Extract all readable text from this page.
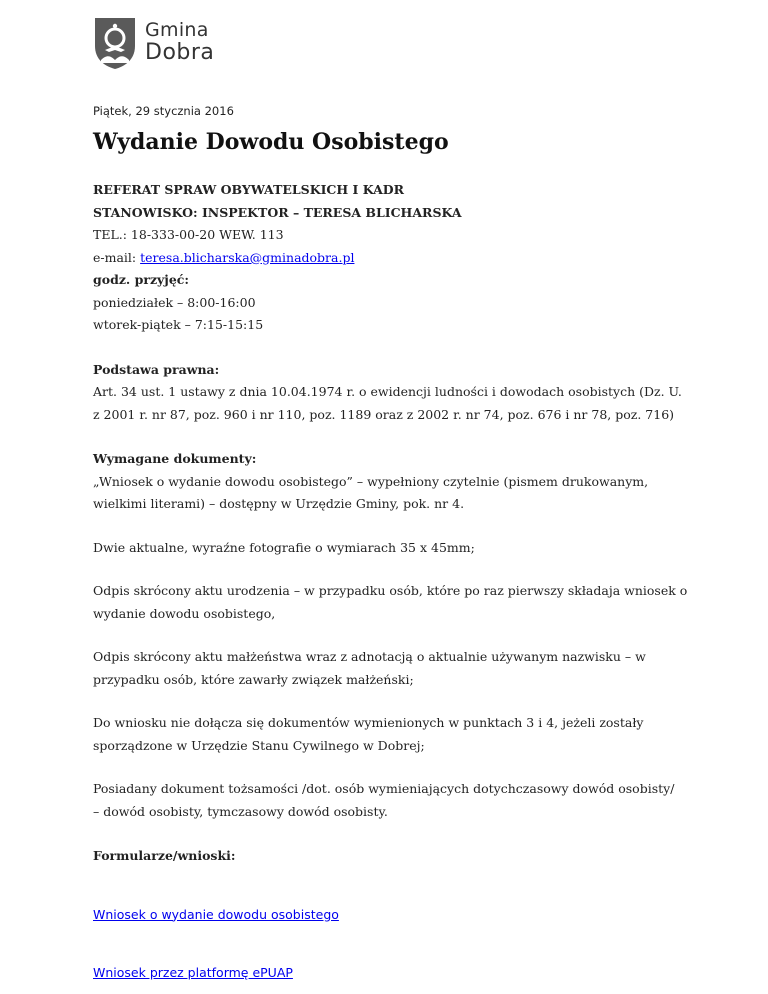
Gmina
Dobra
Piątek, 29 stycznia 2016
Wydanie Dowodu Osobistego

REFERAT SPRAW OBYWATELSKICH I KADR

STANOWISKO: INSPEKTOR – TERESA BLICHARSKA

TEL.: 18-333-00-20 WEW. 113

e-mail: teresa.blicharska@gminadobra.pl

godz. przyjęć:

poniedziałek – 8:00-16:00

wtorek-piątek – 7:15-15:15

Podstawa prawna:

Art. 34 ust. 1 ustawy z dnia 10.04.1974 r. o ewidencji ludności i dowodach osobistych (Dz. U.

z 2001 r. nr 87, poz. 960 i nr 110, poz. 1189 oraz z 2002 r. nr 74, poz. 676 i nr 78, poz. 716)

Wymagane dokumenty:

„Wniosek o wydanie dowodu osobistego” – wypełniony czytelnie (pismem drukowanym,

wielkimi literami) – dostępny w Urzędzie Gminy, pok. nr 4.

Dwie aktualne, wyraźne fotografie o wymiarach 35 x 45mm;

Odpis skrócony aktu urodzenia – w przypadku osób, które po raz pierwszy składaja wniosek o

wydanie dowodu osobistego,

Odpis skrócony aktu małżeństwa wraz z adnotacją o aktualnie używanym nazwisku – w

przypadku osób, które zawarły związek małżeński;

Do wniosku nie dołącza się dokumentów wymienionych w punktach 3 i 4, jeżeli zostały

sporządzone w Urzędzie Stanu Cywilnego w Dobrej;

Posiadany dokument tożsamości /dot. osób wymieniających dotychczasowy dowód osobisty/

– dowód osobisty, tymczasowy dowód osobisty.

Formularze/wnioski:

Wniosek o wydanie dowodu osobistego

Wniosek przez platformę ePUAP
